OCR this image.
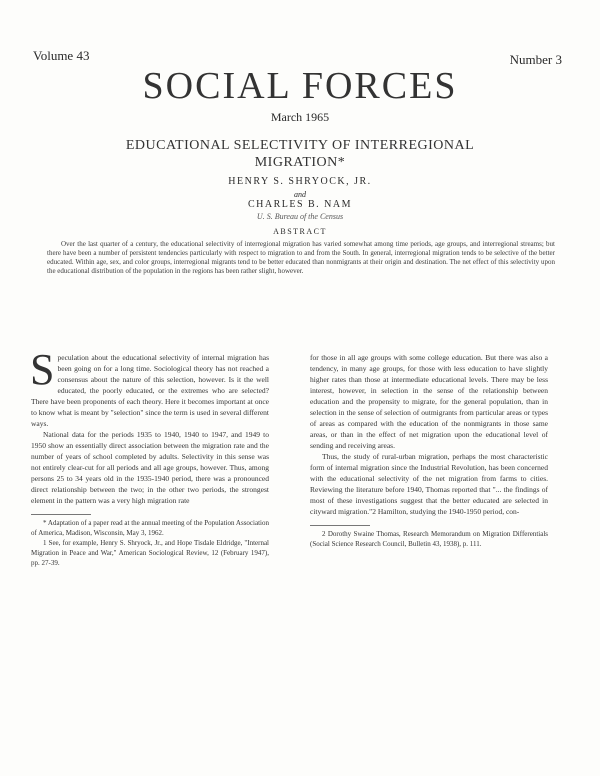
Volume 43	Number 3
SOCIAL FORCES
March 1965
EDUCATIONAL SELECTIVITY OF INTERREGIONAL
MIGRATION*
HENRY S. SHRYOCK, JR.
and
CHARLES B. NAM
U. S. Bureau of the Census
ABSTRACT

Over the last quarter of a century, the educational selectivity of interregional migration has varied somewhat among time periods, age groups, and interregional streams; but there have been a number of persistent tendencies particularly with respect to migration to and from the South. In general, interregional migration tends to be selective of the better educated. Within age, sex, and color groups, interregional migrants tend to be better educated than nonmigrants at their origin and destination. The net effect of this selectivity upon the educational distribution of the population in the regions has been rather slight, however.

Speculation about the educational selectivity of internal migration has been going on for a long time. Sociological theory has not reached a consensus about the nature of this selection, however. Is it the well educated, the poorly educated, or the extremes who are selected? There have been proponents of each theory. Here it becomes important at once to know what is meant by "selection" since the term is used in several different ways.

National data for the periods 1935 to 1940, 1940 to 1947, and 1949 to 1950 show an essentially direct association between the migration rate and the number of years of school completed by adults. Selectivity in this sense was not entirely clear-cut for all periods and all age groups, however. Thus, among persons 25 to 34 years old in the 1935-1940 period, there was a pronounced direct relationship between the two; in the other two periods, the strongest element in the pattern was a very high migration rate

* Adaptation of a paper read at the annual meeting of the Population Association of America, Madison, Wisconsin, May 3, 1962.

1 See, for example, Henry S. Shryock, Jr., and Hope Tisdale Eldridge, "Internal Migration in Peace and War," American Sociological Review, 12 (February 1947), pp. 27-39.

for those in all age groups with some college education. But there was also a tendency, in many age groups, for those with less education to have slightly higher rates than those at intermediate educational levels. There may be less interest, however, in selection in the sense of the relationship between education and the propensity to migrate, for the general population, than in selection in the sense of selection of outmigrants from particular areas or types of areas as compared with the education of the nonmigrants in those same areas, or than in the effect of net migration upon the educational level of sending and receiving areas.

Thus, the study of rural-urban migration, perhaps the most characteristic form of internal migration since the Industrial Revolution, has been concerned with the educational selectivity of the net migration from farms to cities. Reviewing the literature before 1940, Thomas reported that "... the findings of most of these investigations suggest that the better educated are selected in cityward migration."2 Hamilton, studying the 1940-1950 period, con-

2 Dorothy Swaine Thomas, Research Memorandum on Migration Differentials (Social Science Research Council, Bulletin 43, 1938), p. 111.
